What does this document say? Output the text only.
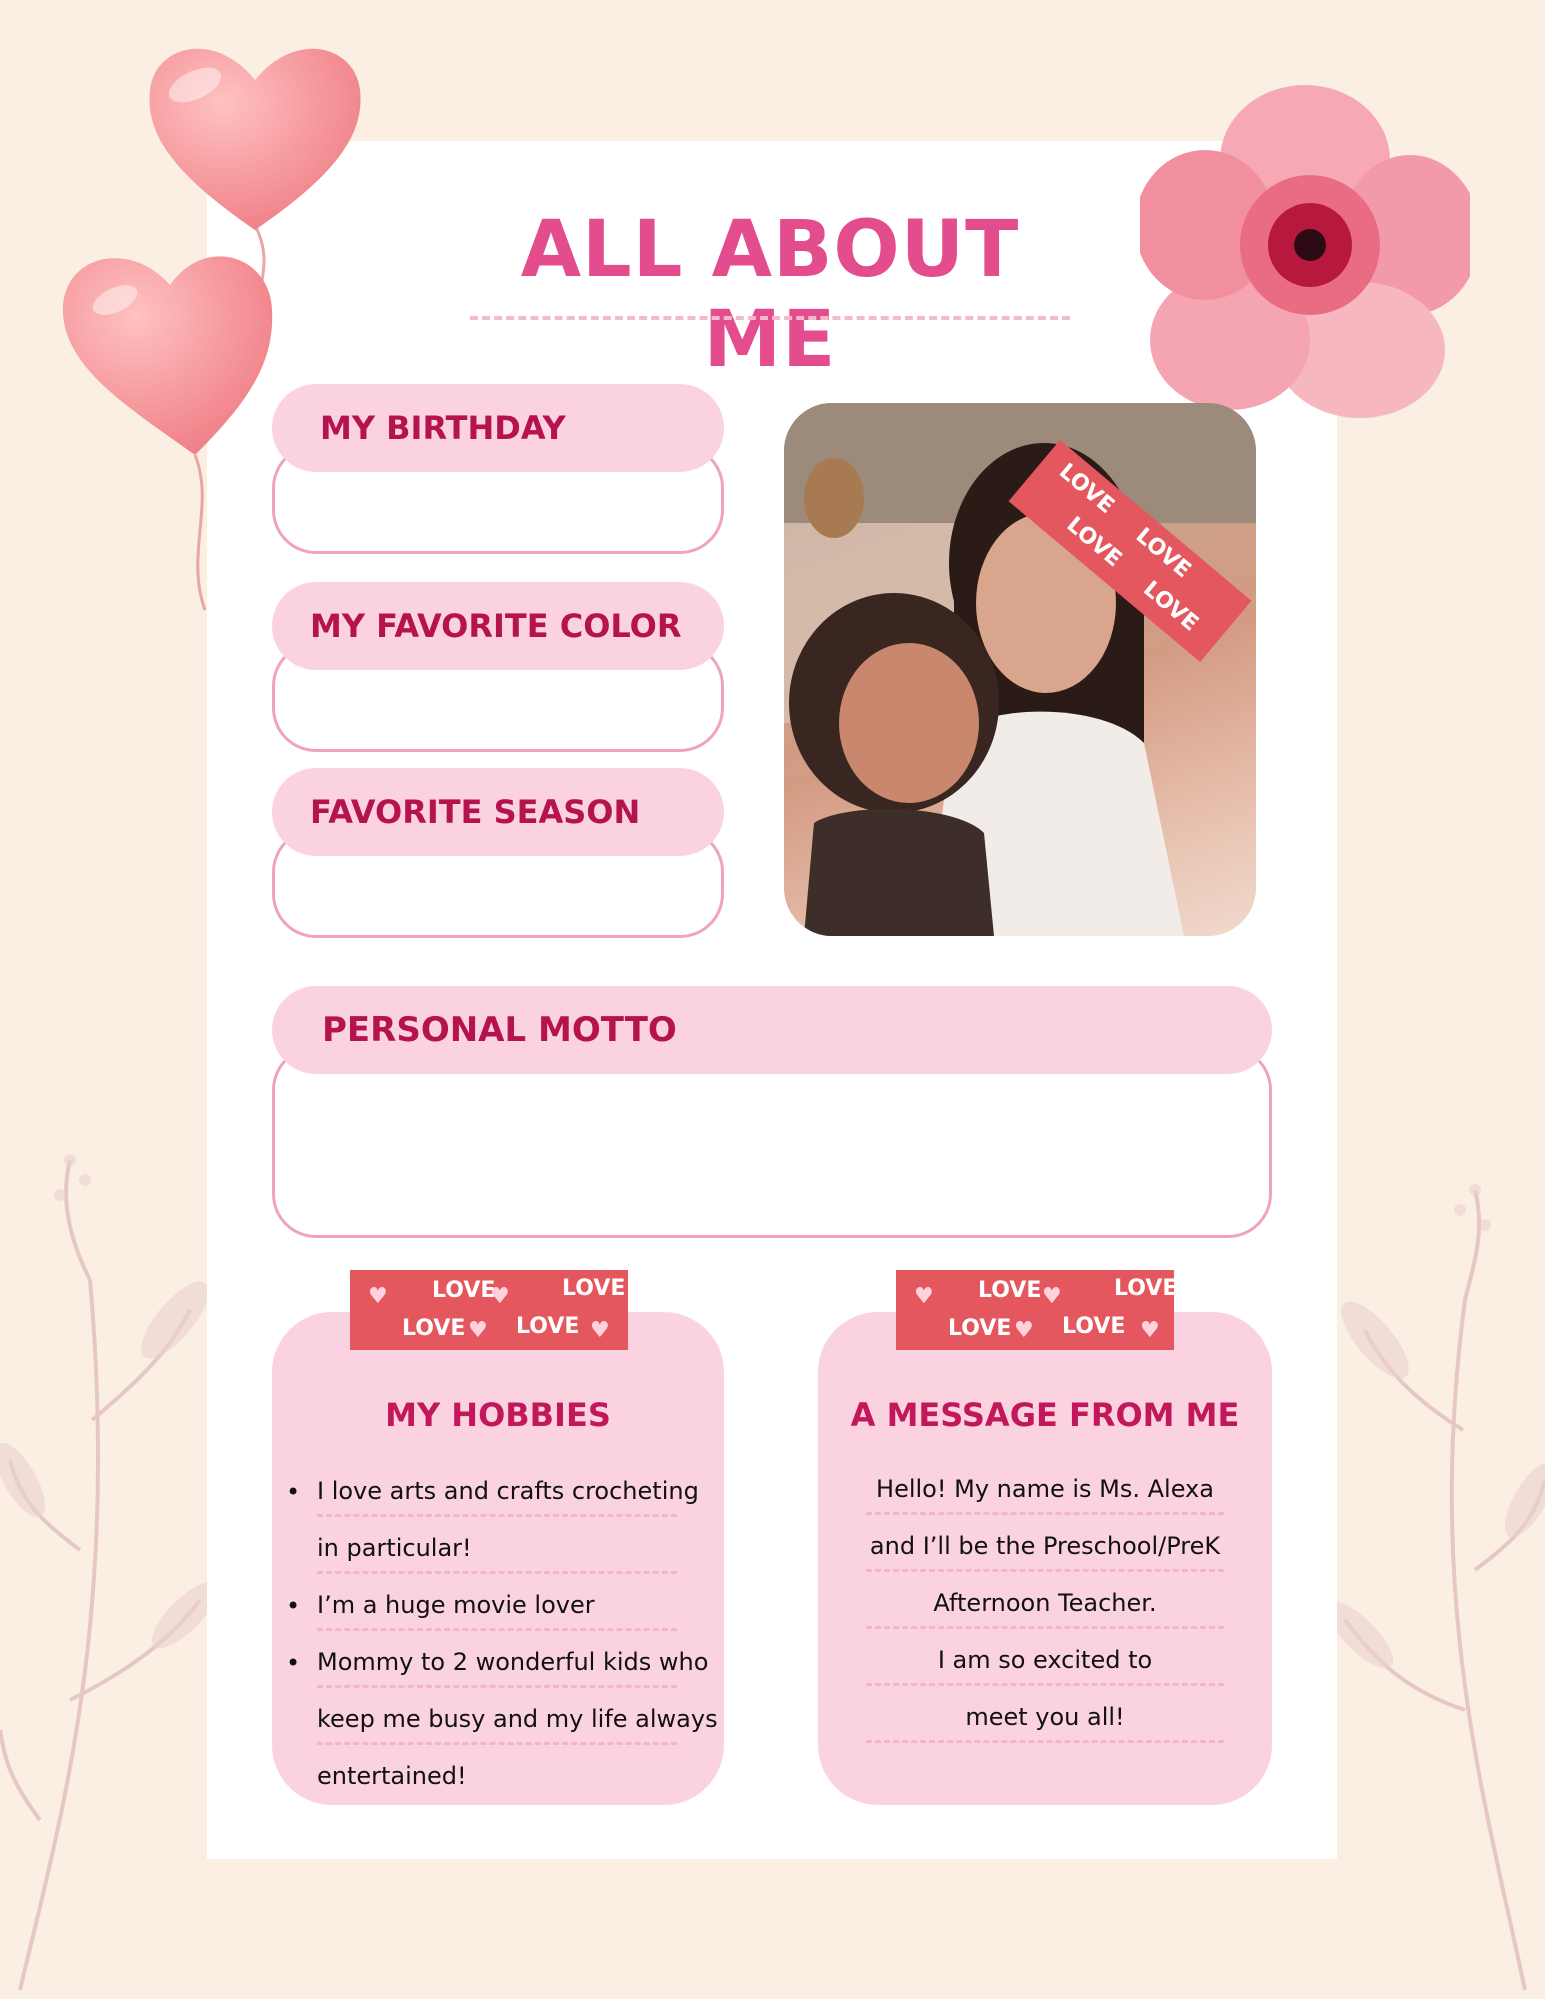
ALL ABOUT ME
MY BIRTHDAY
MY FAVORITE COLOR
FAVORITE SEASON
LOVE
LOVE
LOVE
LOVE
PERSONAL MOTTO
MY HOBBIES
• I love arts and crafts crocheting
in particular!
• I’m a huge movie lover
• Mommy to 2 wonderful kids who
keep me busy and my life always
entertained!
A MESSAGE FROM ME
Hello! My name is Ms. Alexa
and I’ll be the Preschool/PreK
Afternoon Teacher.
I am so excited to
meet you all!
LOVE	LOVE
LOVE LOVE
♥	♥
♥	♥
LOVE	LOVE
LOVE LOVE
♥	♥
♥	♥
